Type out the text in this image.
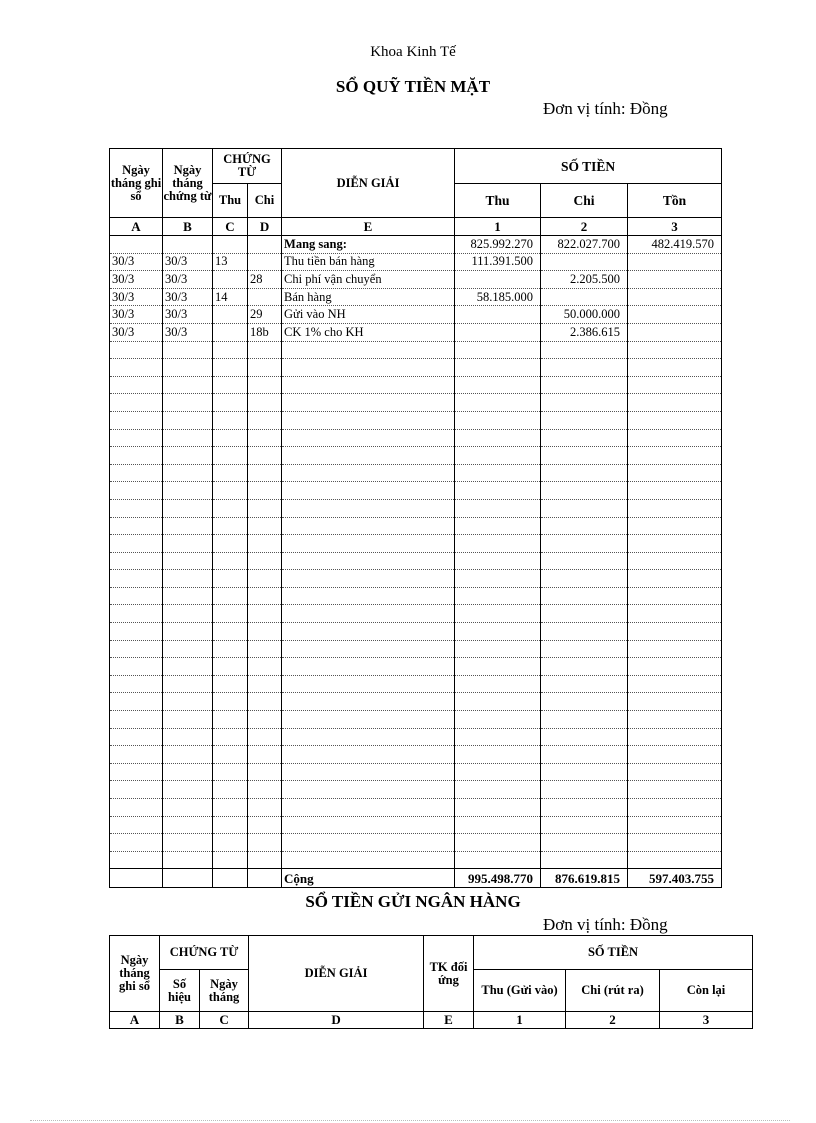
Khoa Kinh Tế
SỔ QUỸ TIỀN MẶT
Đơn vị tính: Đồng
Ngày tháng ghi sổ	Ngày tháng chứng từ	CHỨNG TỪ		DIỄN GIẢI	SỐ TIỀN		
		Thu	Chi		Thu	Chi	Tồn
A	B	C	D	E	1	2	3
				Mang sang:	825.992.270	822.027.700	482.419.570
30/3	30/3	13		Thu tiền bán hàng	111.391.500		
30/3	30/3		28	Chi phí vận chuyển		2.205.500	
30/3	30/3	14		Bán hàng	58.185.000		
30/3	30/3		29	Gửi vào NH		50.000.000	
30/3	30/3		18b	CK 1% cho KH		2.386.615	

				Cộng	995.498.770	876.619.815	597.403.755
SỔ TIỀN GỬI NGÂN HÀNG
Đơn vị tính: Đồng
Ngày tháng ghi sổ	CHỨNG TỪ		DIỄN GIẢI	TK đối ứng	SỐ TIỀN		
	Số hiệu	Ngày tháng			Thu (Gửi vào)	Chi (rút ra)	Còn lại
A	B	C	D	E	1	2	3
